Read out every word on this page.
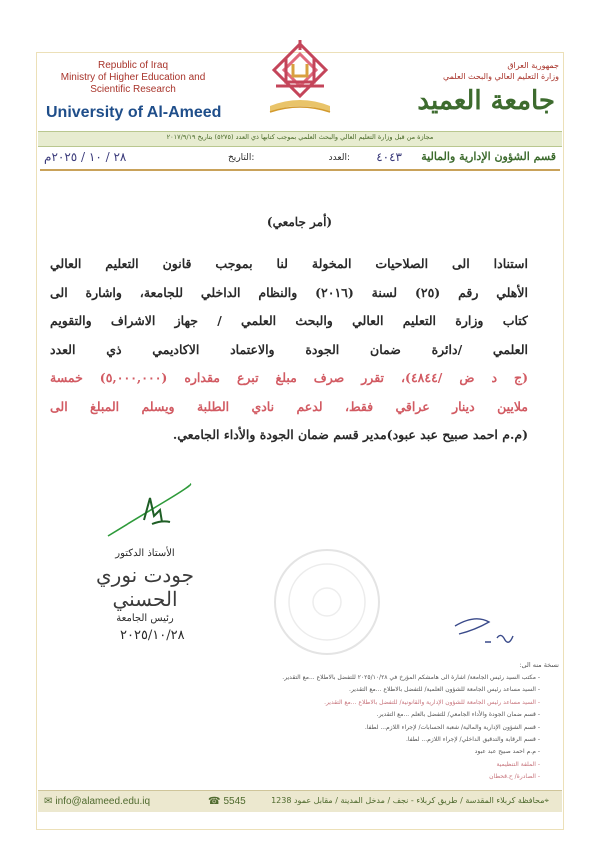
Republic of Iraq
Ministry of Higher Education and
Scientific Research
University of Al-Ameed
جمهورية العراق
وزارة التعليم العالي والبحث العلمي
جامعة العميد
مجازة من قبل وزارة التعليم العالي والبحث العلمي بموجب كتابها ذي العدد (٥٢٧٥) بتاريخ ٢٠١٧/٩/١٩
قسم الشؤون الإدارية والمالية
العدد: ٤٠٤٣
التاريخ:
٢٨ / ١٠ / ٢٠٢٥م
(أمر جامعي)
استنادا الى الصلاحيات المخولة لنا بموجب قانون التعليم العالي
الأهلي رقم (٢٥) لسنة (٢٠١٦) والنظام الداخلي للجامعة، واشارة الى
كتاب وزارة التعليم العالي والبحث العلمي / جهاز الاشراف والتقويم
العلمي /دائرة ضمان الجودة والاعتماد الاكاديمي ذي العدد
(ج د ض /٤٨٤٤)، تقرر صرف مبلغ تبرع مقداره (٥,٠٠٠,٠٠٠) خمسة
ملايين دينار عراقي فقط، لدعم نادي الطلبة ويسلم المبلغ الى
(م.م احمد صبيح عبد عبود)مدير قسم ضمان الجودة والأداء الجامعي.
الأستاذ الدكتور
جودت نوري الحسني
رئيس الجامعة
٢٠٢٥/١٠/٢٨
نسخة منه الى:
- مكتب السيد رئيس الجامعة/ اشارة الى هامشكم المؤرخ في ٢٠٢٥/١٠/٢٨ للتفضل بالاطلاع ...مع التقدير.
- السيد مساعد رئيس الجامعة للشؤون العلمية/ للتفضل بالاطلاع ...مع التقدير.
- السيد مساعد رئيس الجامعة للشؤون الإدارية والقانونية/ للتفضل بالاطلاع ...مع التقدير.
- قسم ضمان الجودة والأداء الجامعي/ للتفضل بالعلم ...مع التقدير.
- قسم الشؤون الإدارية والمالية/ شعبة الحسابات/ لإجراء اللازم... لطفا.
- قسم الرقابة والتدقيق الداخلي/ لإجراء اللازم... لطفا.
- م.م احمد صبيح عبد عبود
- الملفة التنظيمية
- الصادرة/ ح.قحطان
✉ info@alameed.edu.iq	☎ 5545	⌖محافظة كربلاء المقدسة / طريق كربلاء - نجف / مدخل المدينة / مقابل عمود 1238
